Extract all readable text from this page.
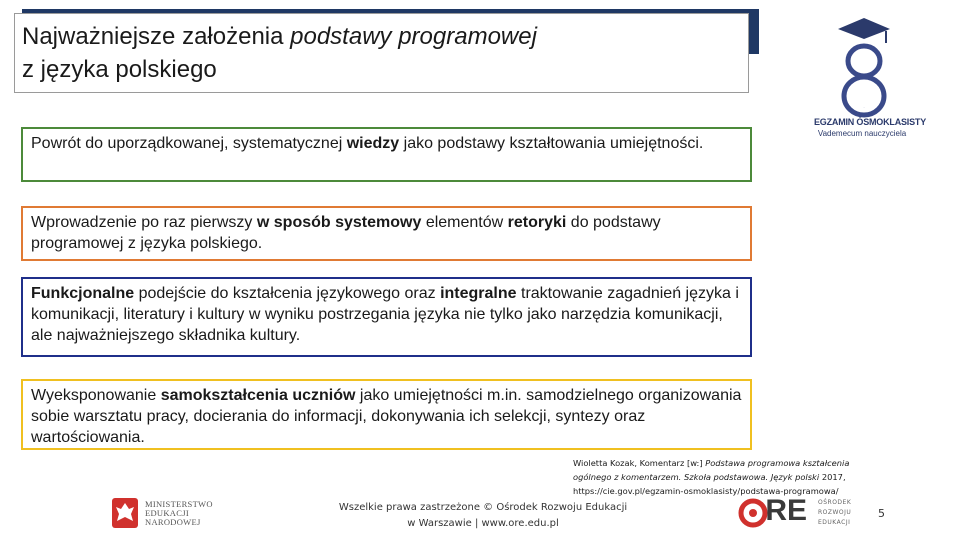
Najważniejsze założenia podstawy programowej
z języka polskiego
Powrót do uporządkowanej, systematycznej wiedzy jako podstawy kształtowania umiejętności.
Wprowadzenie po raz pierwszy w sposób systemowy elementów retoryki do podstawy programowej z języka polskiego.
Funkcjonalne podejście do kształcenia językowego oraz integralne traktowanie zagadnień języka i komunikacji, literatury i kultury w wyniku postrzegania języka nie tylko jako narzędzia komunikacji, ale najważniejszego składnika kultury.
Wyeksponowanie samokształcenia uczniów jako umiejętności m.in. samodzielnego organizowania sobie warsztatu pracy, docierania do informacji, dokonywania ich selekcji, syntezy oraz wartościowania.
8
EGZAMIN ÓSMOKLASISTY
Vademecum nauczyciela
Wioletta Kozak, Komentarz [w:] Podstawa programowa kształcenia ogólnego z komentarzem. Szkoła podstawowa. Język polski 2017, https://cie.gov.pl/egzamin-osmoklasisty/podstawa-programowa/
MINISTERSTWO
EDUKACJI
NARODOWEJ
Wszelkie prawa zastrzeżone © Ośrodek Rozwoju Edukacji
w Warszawie | www.ore.edu.pl	RE OŚRODEK
ROZWOJU
EDUKACJI
5
